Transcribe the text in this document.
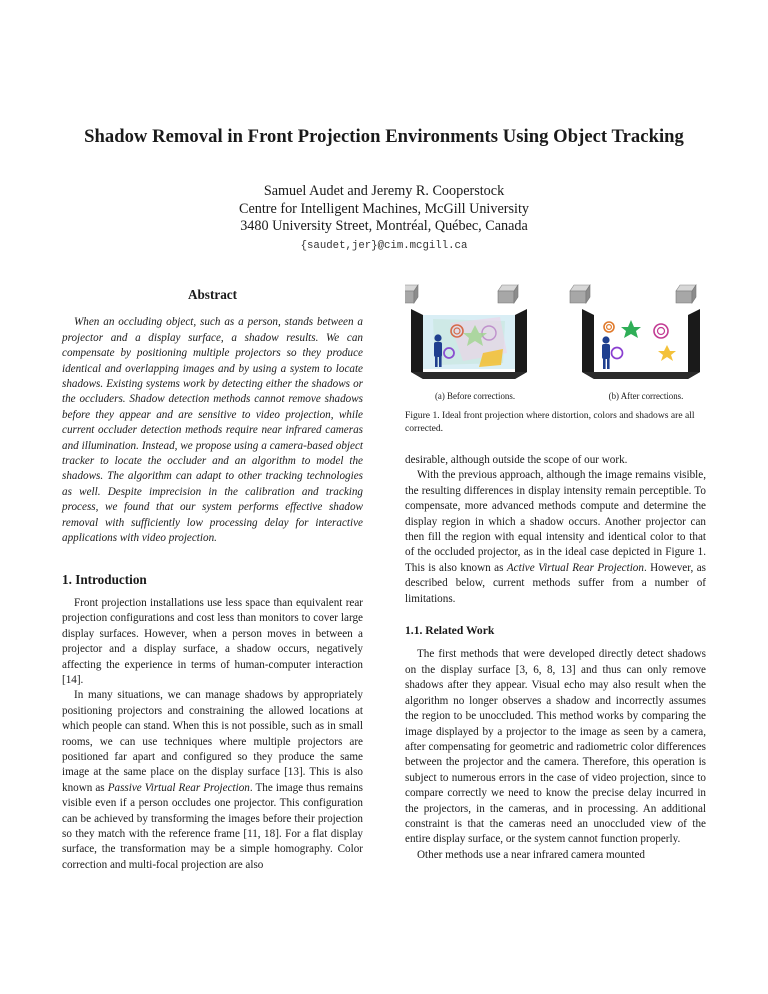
Shadow Removal in Front Projection Environments Using Object Tracking
Samuel Audet and Jeremy R. Cooperstock
Centre for Intelligent Machines, McGill University
3480 University Street, Montréal, Québec, Canada
{saudet,jer}@cim.mcgill.ca
Abstract

When an occluding object, such as a person, stands between a projector and a display surface, a shadow results. We can compensate by positioning multiple projectors so they produce identical and overlapping images and by using a system to locate shadows. Existing systems work by detecting either the shadows or the occluders. Shadow detection methods cannot remove shadows before they appear and are sensitive to video projection, while current occluder detection methods require near infrared cameras and illumination. Instead, we propose using a camera-based object tracker to locate the occluder and an algorithm to model the shadows. The algorithm can adapt to other tracking technologies as well. Despite imprecision in the calibration and tracking process, we found that our system performs effective shadow removal with sufficiently low processing delay for interactive applications with video projection.

1. Introduction

Front projection installations use less space than equivalent rear projection configurations and cost less than monitors to cover large display surfaces. However, when a person moves in between a projector and a display surface, a shadow occurs, negatively affecting the experience in terms of human-computer interaction [14].

In many situations, we can manage shadows by appropriately positioning projectors and constraining the allowed locations at which people can stand. When this is not possible, such as in small rooms, we can use techniques where multiple projectors are positioned far apart and configured so they produce the same image at the same place on the display surface [13]. This is also known as Passive Virtual Rear Projection. The image thus remains visible even if a person occludes one projector. This configuration can be achieved by transforming the images before their projection so they match with the reference frame [11, 18]. For a flat display surface, the transformation may be a simple homography. Color correction and multi-focal projection are also

(a) Before corrections.	(b) After corrections.
Figure 1. Ideal front projection where distortion, colors and shadows are all corrected.

desirable, although outside the scope of our work.

With the previous approach, although the image remains visible, the resulting differences in display intensity remain perceptible. To compensate, more advanced methods compute and determine the display region in which a shadow occurs. Another projector can then fill the region with equal intensity and identical color to that of the occluded projector, as in the ideal case depicted in Figure 1. This is also known as Active Virtual Rear Projection. However, as described below, current methods suffer from a number of limitations.

1.1. Related Work

The first methods that were developed directly detect shadows on the display surface [3, 6, 8, 13] and thus can only remove shadows after they appear. Visual echo may also result when the algorithm no longer observes a shadow and incorrectly assumes the region to be unoccluded. This method works by comparing the image displayed by a projector to the image as seen by a camera, after compensating for geometric and radiometric color differences between the projector and the camera. Therefore, this operation is subject to numerous errors in the case of video projection, since to compare correctly we need to know the precise delay incurred in the projectors, in the cameras, and in processing. An additional constraint is that the cameras need an unoccluded view of the entire display surface, or the system cannot function properly.

Other methods use a near infrared camera mounted
